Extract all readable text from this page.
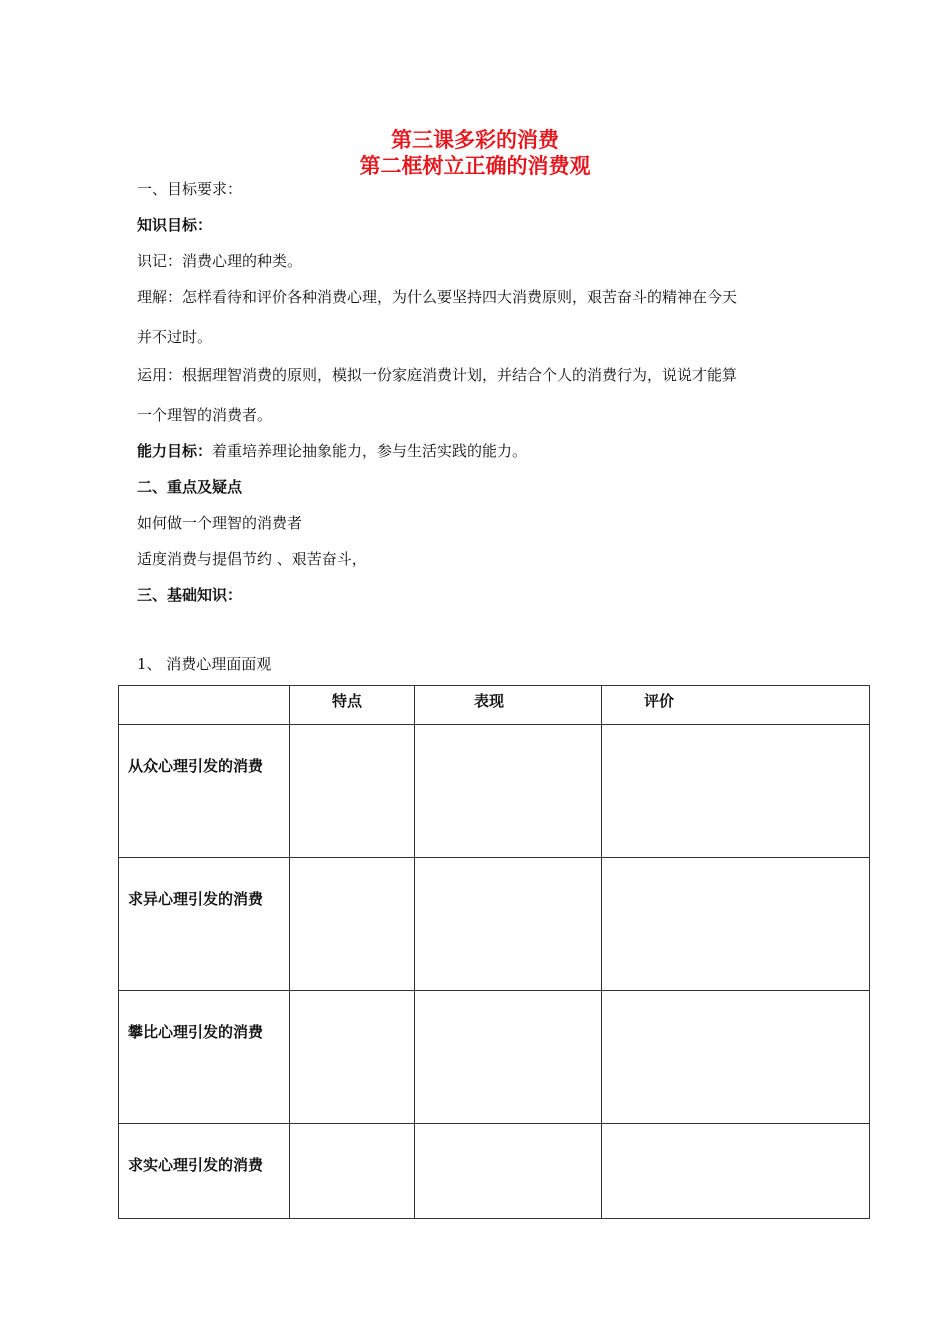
第三课多彩的消费
第二框树立正确的消费观
一、目标要求：
知识目标：
识记：消费心理的种类。
理解：怎样看待和评价各种消费心理，为什么要坚持四大消费原则，艰苦奋斗的精神在今天
并不过时。
运用：根据理智消费的原则，模拟一份家庭消费计划，并结合个人的消费行为，说说才能算
一个理智的消费者。
能力目标：着重培养理论抽象能力，参与生活实践的能力。
二、重点及疑点
如何做一个理智的消费者
适度消费与提倡节约 、艰苦奋斗，
三、基础知识：
1、 消费心理面面观
	特点	表现	评价

从众心理引发的消费			

求异心理引发的消费			

攀比心理引发的消费			

求实心理引发的消费			
